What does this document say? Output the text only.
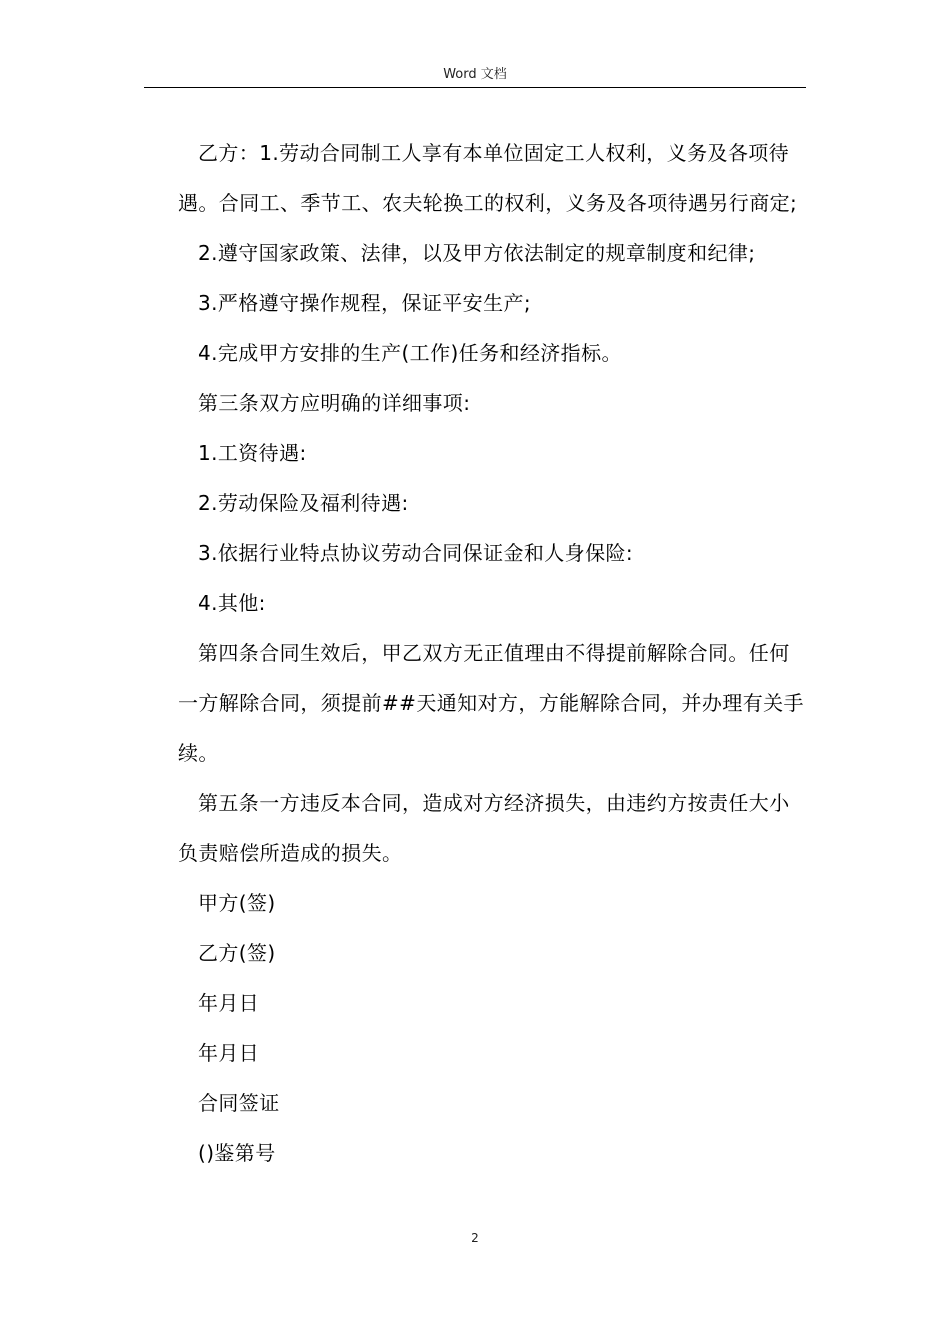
Word 文档

乙方：1.劳动合同制工人享有本单位固定工人权利，义务及各项待遇。合同工、季节工、农夫轮换工的权利，义务及各项待遇另行商定;

2.遵守国家政策、法律，以及甲方依法制定的规章制度和纪律;

3.严格遵守操作规程，保证平安生产;

4.完成甲方安排的生产(工作)任务和经济指标。

第三条双方应明确的详细事项:

1.工资待遇:

2.劳动保险及福利待遇:

3.依据行业特点协议劳动合同保证金和人身保险:

4.其他:

第四条合同生效后，甲乙双方无正值理由不得提前解除合同。任何一方解除合同，须提前##天通知对方，方能解除合同，并办理有关手续。

第五条一方违反本合同，造成对方经济损失，由违约方按责任大小负责赔偿所造成的损失。

甲方(签)

乙方(签)

年月日

年月日

合同签证

()鉴第号

2
